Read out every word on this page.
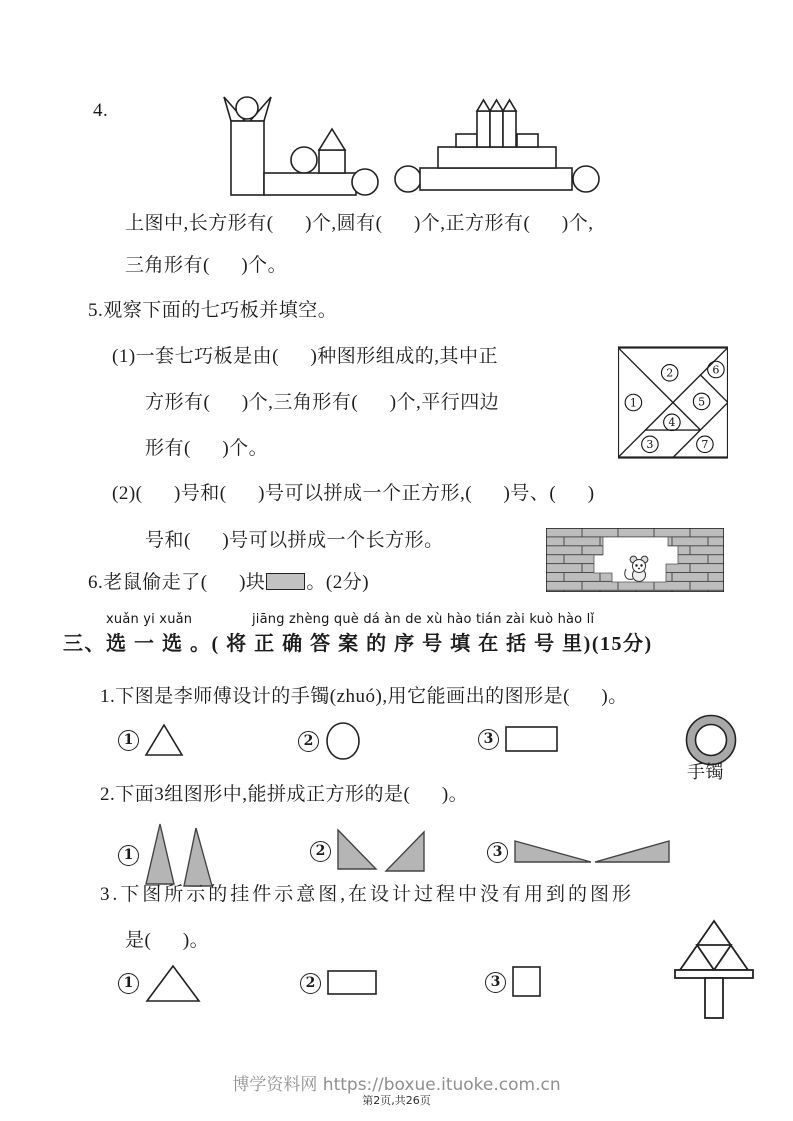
4.
上图中,长方形有(      )个,圆有(      )个,正方形有(      )个,
三角形有(      )个。
5.观察下面的七巧板并填空。
(1)一套七巧板是由(      )种图形组成的,其中正
方形有(      )个,三角形有(      )个,平行四边
形有(      )个。
1
2
3
4
5
6
7
(2)(      )号和(      )号可以拼成一个正方形,(      )号、(      )
号和(      )号可以拼成一个长方形。
6.老鼠偷走了(      )块 。(2分)
xuǎn yi xuǎn	jiāng zhèng què dá àn de xù hào tián zài kuò hào lǐ
三、选 一 选 。( 将 正 确 答 案 的 序 号 填 在 括 号 里)(15分)
1.下图是李师傅设计的手镯(zhuó),用它能画出的图形是(      )。
1	2	3
手镯
2.下面3组图形中,能拼成正方形的是(      )。
1	2	3
3.下图所示的挂件示意图,在设计过程中没有用到的图形
是(      )。
1	2	3
博学资料网 https://boxue.ituoke.com.cn
第2页,共26页
